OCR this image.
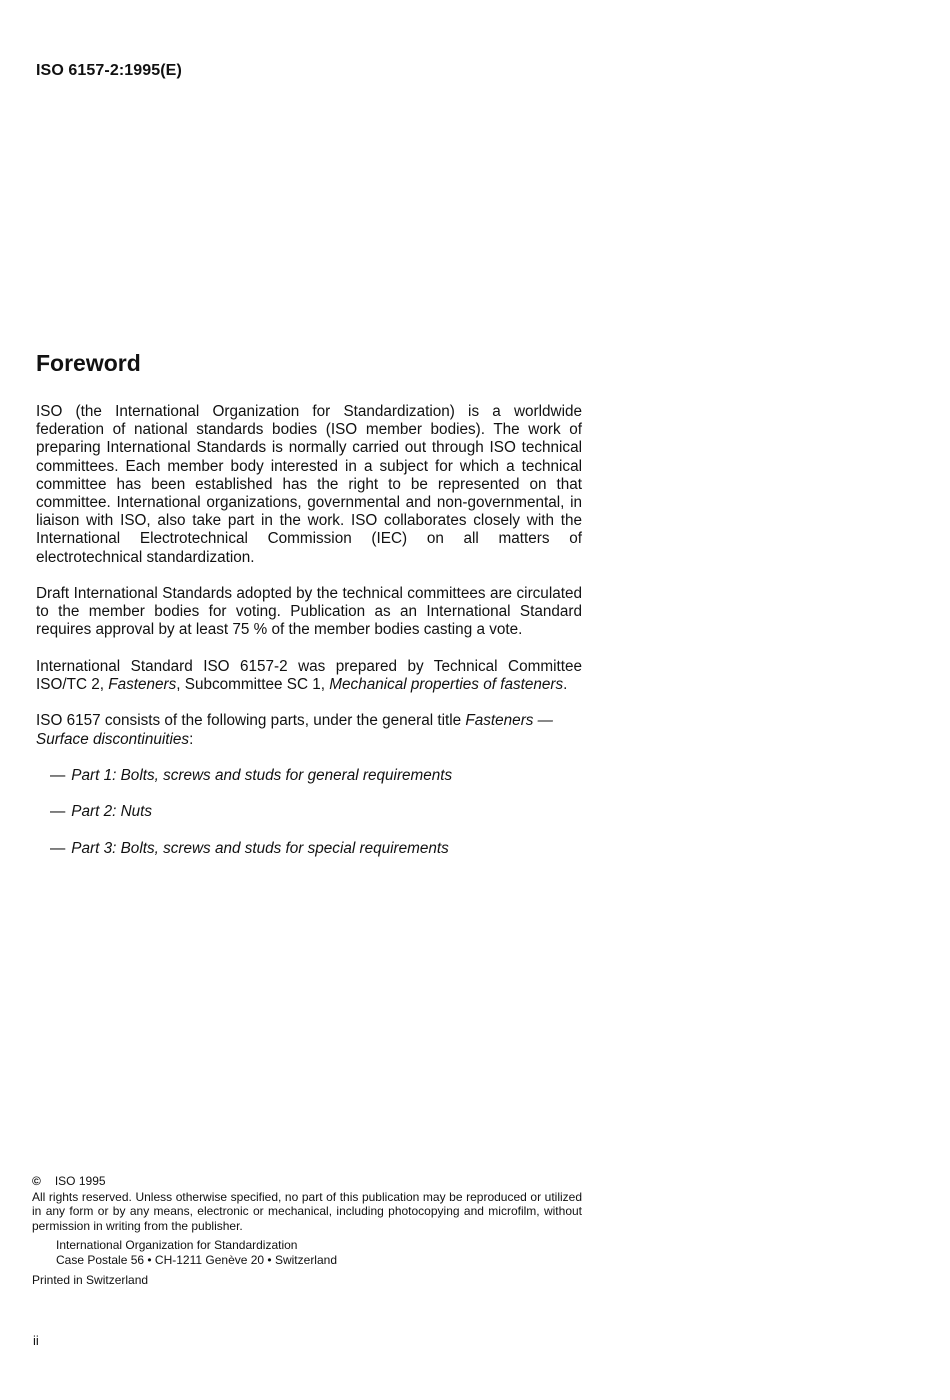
ISO 6157-2:1995(E)
Foreword

ISO (the International Organization for Standardization) is a worldwide federation of national standards bodies (ISO member bodies). The work of preparing International Standards is normally carried out through ISO technical committees. Each member body interested in a subject for which a technical committee has been established has the right to be represented on that committee. International organizations, governmental and non-governmental, in liaison with ISO, also take part in the work. ISO collaborates closely with the International Electrotechnical Commission (IEC) on all matters of electrotechnical standardization.

Draft International Standards adopted by the technical committees are circulated to the member bodies for voting. Publication as an International Standard requires approval by at least 75 % of the member bodies casting a vote.

International Standard ISO 6157-2 was prepared by Technical Committee ISO/TC 2, Fasteners, Subcommittee SC 1, Mechanical properties of fasteners.

ISO 6157 consists of the following parts, under the general title Fasteners — Surface discontinuities:

— Part 1: Bolts, screws and studs for general requirements
— Part 2: Nuts
— Part 3: Bolts, screws and studs for special requirements

© ISO 1995

All rights reserved. Unless otherwise specified, no part of this publication may be reproduced or utilized in any form or by any means, electronic or mechanical, including photocopying and microfilm, without permission in writing from the publisher.

International Organization for Standardization
Case Postale 56 • CH-1211 Genève 20 • Switzerland

Printed in Switzerland

ii
